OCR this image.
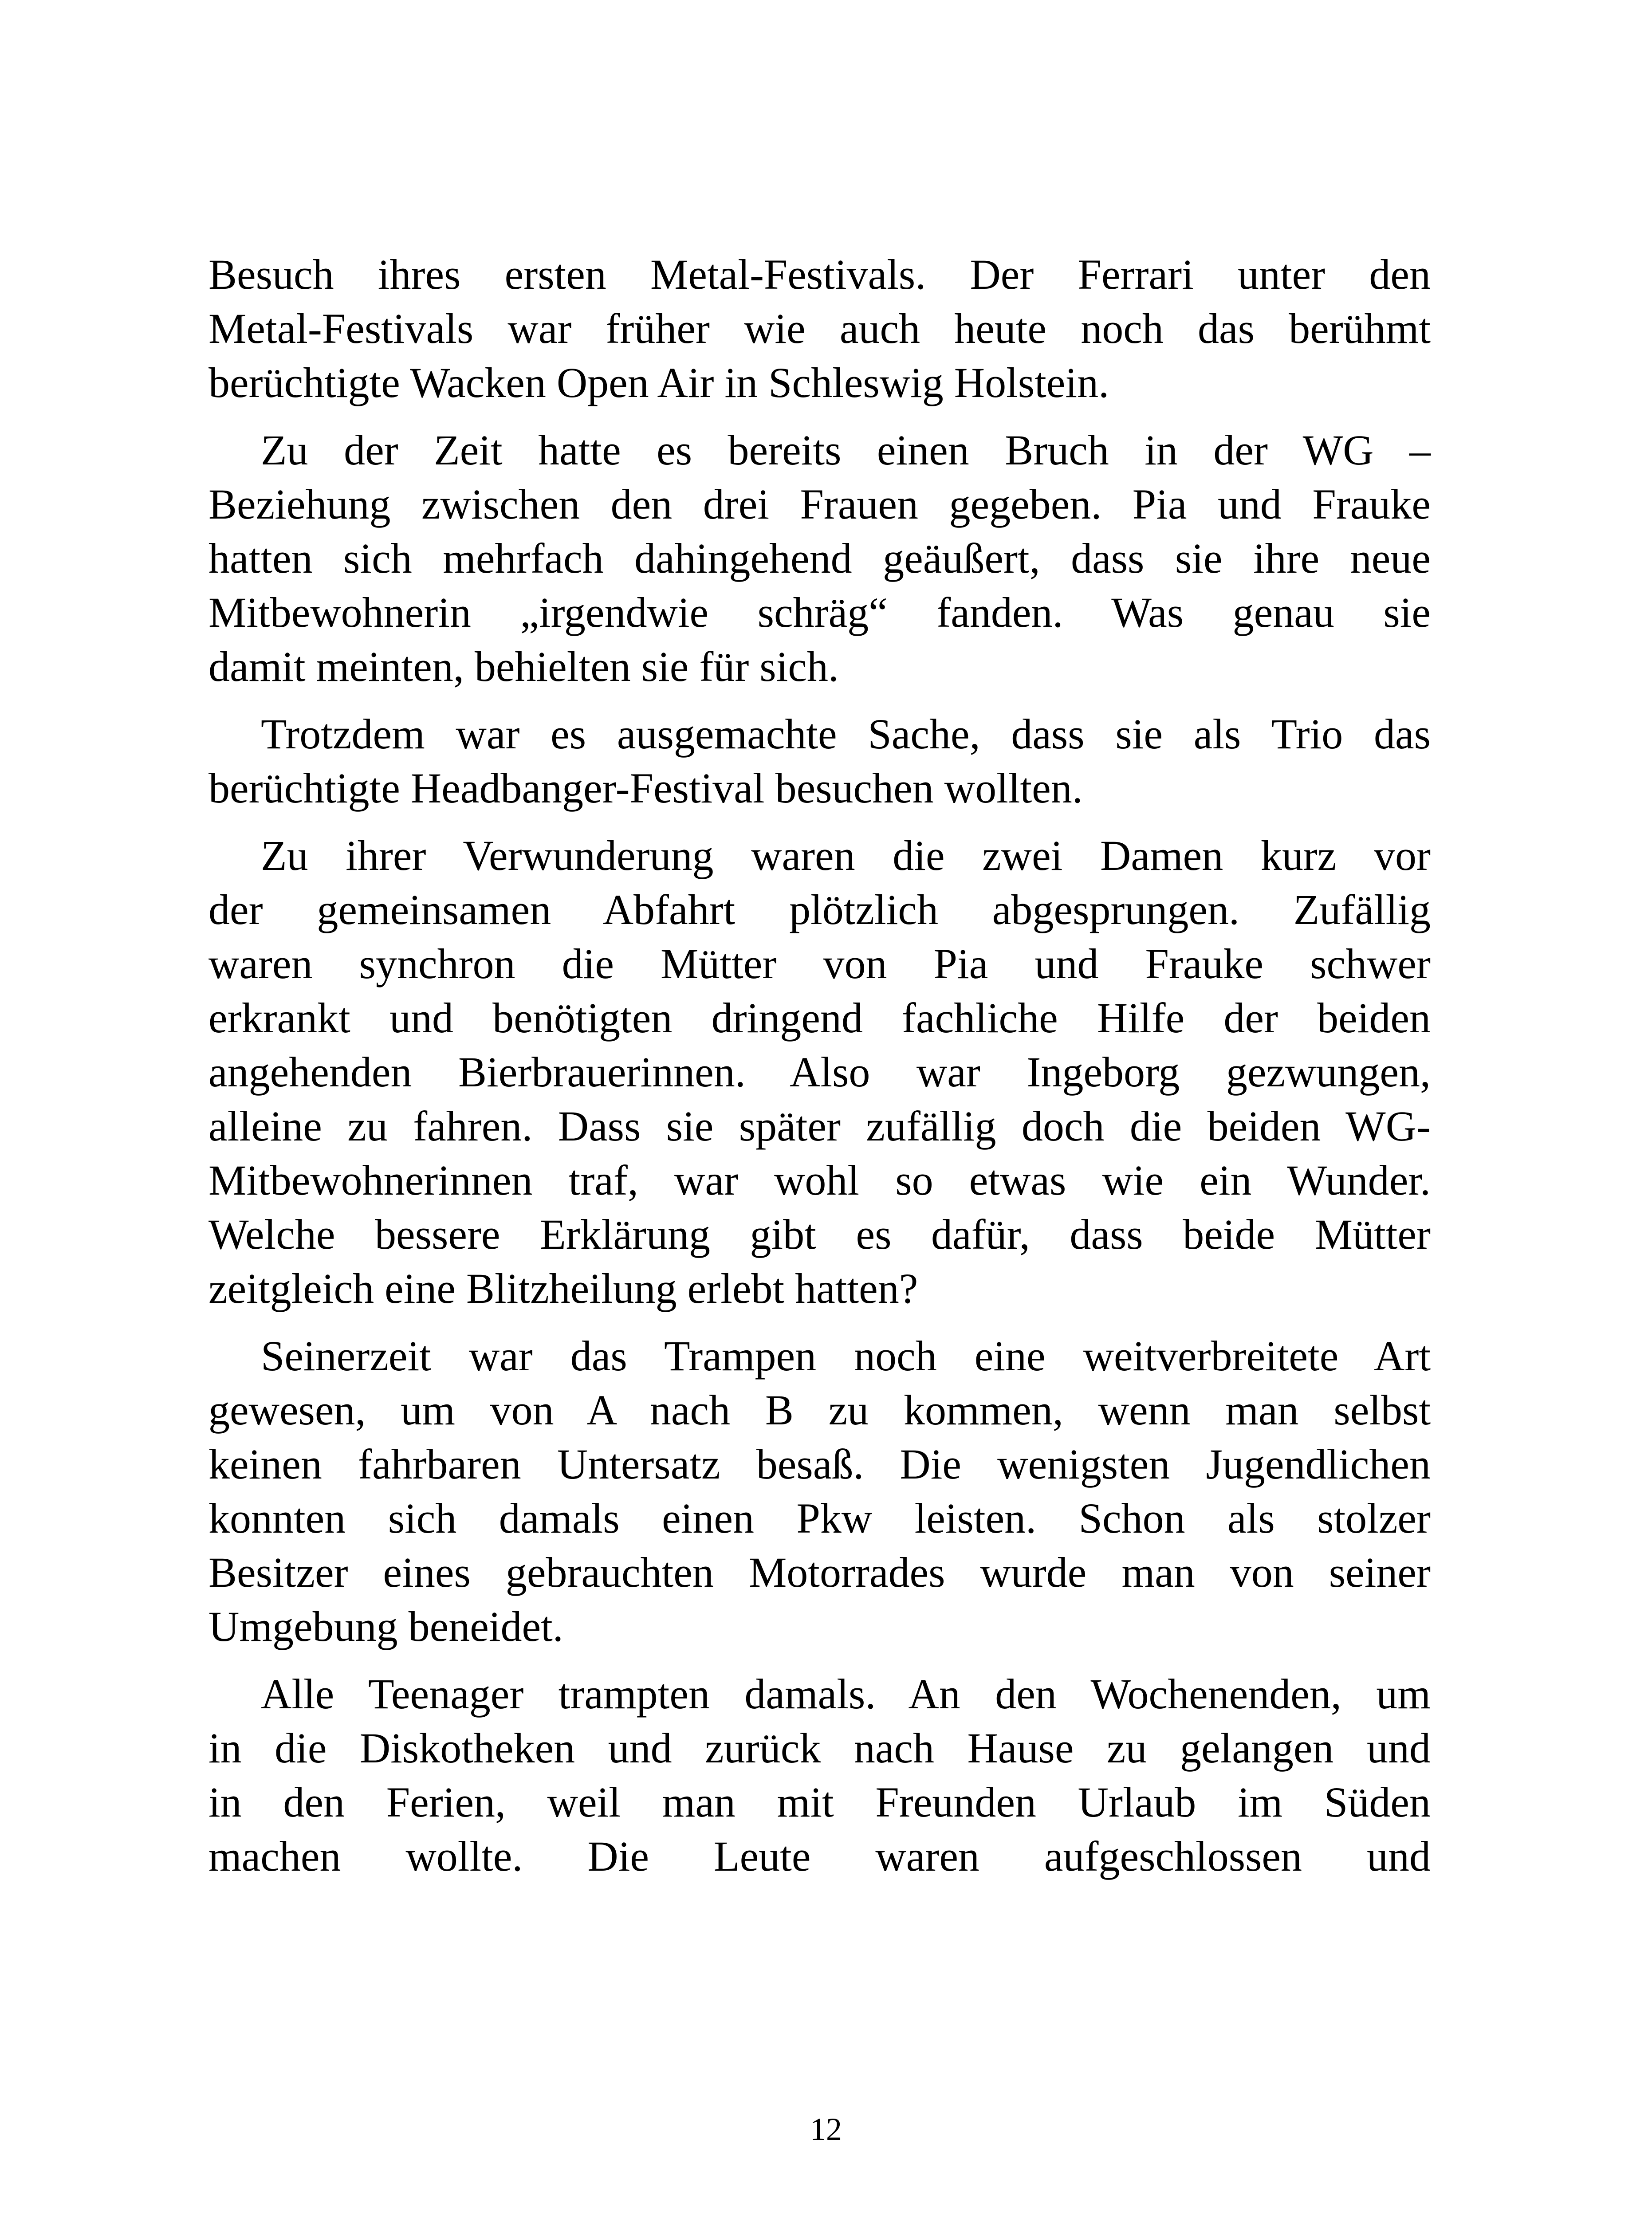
Besuch ihres ersten Metal-Festivals. Der Ferrari unter den
Metal-Festivals war früher wie auch heute noch das berühmt
berüchtigte Wacken Open Air in Schleswig Holstein.
Zu der Zeit hatte es bereits einen Bruch in der WG –
Beziehung zwischen den drei Frauen gegeben. Pia und Frauke
hatten sich mehrfach dahingehend geäußert, dass sie ihre neue
Mitbewohnerin „irgendwie schräg“ fanden. Was genau sie
damit meinten, behielten sie für sich.
Trotzdem war es ausgemachte Sache, dass sie als Trio das
berüchtigte Headbanger-Festival besuchen wollten.
Zu ihrer Verwunderung waren die zwei Damen kurz vor
der gemeinsamen Abfahrt plötzlich abgesprungen. Zufällig
waren synchron die Mütter von Pia und Frauke schwer
erkrankt und benötigten dringend fachliche Hilfe der beiden
angehenden Bierbrauerinnen. Also war Ingeborg gezwungen,
alleine zu fahren. Dass sie später zufällig doch die beiden WG-
Mitbewohnerinnen traf, war wohl so etwas wie ein Wunder.
Welche bessere Erklärung gibt es dafür, dass beide Mütter
zeitgleich eine Blitzheilung erlebt hatten?
Seinerzeit war das Trampen noch eine weitverbreitete Art
gewesen, um von A nach B zu kommen, wenn man selbst
keinen fahrbaren Untersatz besaß. Die wenigsten Jugendlichen
konnten sich damals einen Pkw leisten. Schon als stolzer
Besitzer eines gebrauchten Motorrades wurde man von seiner
Umgebung beneidet.
Alle Teenager trampten damals. An den Wochenenden, um
in die Diskotheken und zurück nach Hause zu gelangen und
in den Ferien, weil man mit Freunden Urlaub im Süden
machen wollte. Die Leute waren aufgeschlossen und
12
